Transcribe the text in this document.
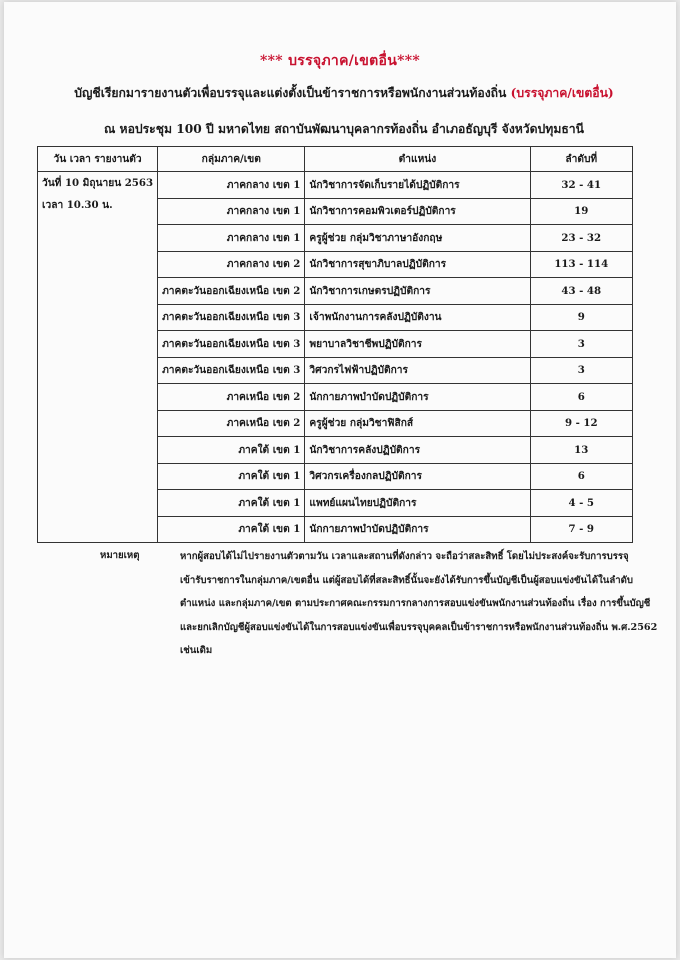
*** บรรจุภาค/เขตอื่น***
บัญชีเรียกมารายงานตัวเพื่อบรรจุและแต่งตั้งเป็นข้าราชการหรือพนักงานส่วนท้องถิ่น (บรรจุภาค/เขตอื่น)
ณ หอประชุม 100 ปี มหาดไทย สถาบันพัฒนาบุคลากรท้องถิ่น อำเภอธัญบุรี จังหวัดปทุมธานี
วัน เวลา รายงานตัว	กลุ่มภาค/เขต	ตำแหน่ง	ลำดับที่

วันที่ 10 มิถุนายน 2563
เวลา 10.30 น.	ภาคกลาง เขต 1	นักวิชาการจัดเก็บรายได้ปฏิบัติการ	32 - 41
	ภาคกลาง เขต 1	นักวิชาการคอมพิวเตอร์ปฏิบัติการ	19
	ภาคกลาง เขต 1	ครูผู้ช่วย กลุ่มวิชาภาษาอังกฤษ	23 - 32
	ภาคกลาง เขต 2	นักวิชาการสุขาภิบาลปฏิบัติการ	113 - 114
	ภาคตะวันออกเฉียงเหนือ เขต 2	นักวิชาการเกษตรปฏิบัติการ	43 - 48
	ภาคตะวันออกเฉียงเหนือ เขต 3	เจ้าพนักงานการคลังปฏิบัติงาน	9
	ภาคตะวันออกเฉียงเหนือ เขต 3	พยาบาลวิชาชีพปฏิบัติการ	3
	ภาคตะวันออกเฉียงเหนือ เขต 3	วิศวกรไฟฟ้าปฏิบัติการ	3
	ภาคเหนือ เขต 2	นักกายภาพบำบัดปฏิบัติการ	6
	ภาคเหนือ เขต 2	ครูผู้ช่วย กลุ่มวิชาฟิสิกส์	9 - 12
	ภาคใต้ เขต 1	นักวิชาการคลังปฏิบัติการ	13
	ภาคใต้ เขต 1	วิศวกรเครื่องกลปฏิบัติการ	6
	ภาคใต้ เขต 1	แพทย์แผนไทยปฏิบัติการ	4 - 5
	ภาคใต้ เขต 1	นักกายภาพบำบัดปฏิบัติการ	7 - 9
หมายเหตุ	หากผู้สอบได้ไม่ไปรายงานตัวตามวัน เวลาและสถานที่ดังกล่าว จะถือว่าสละสิทธิ์ โดยไม่ประสงค์จะรับการบรรจุ
เข้ารับราชการในกลุ่มภาค/เขตอื่น แต่ผู้สอบได้ที่สละสิทธิ์นั้นจะยังได้รับการขึ้นบัญชีเป็นผู้สอบแข่งขันได้ในลำดับ
ตำแหน่ง และกลุ่มภาค/เขต ตามประกาศคณะกรรมการกลางการสอบแข่งขันพนักงานส่วนท้องถิ่น เรื่อง การขึ้นบัญชี
และยกเลิกบัญชีผู้สอบแข่งขันได้ในการสอบแข่งขันเพื่อบรรจุบุคคลเป็นข้าราชการหรือพนักงานส่วนท้องถิ่น พ.ศ.2562
เช่นเดิม
